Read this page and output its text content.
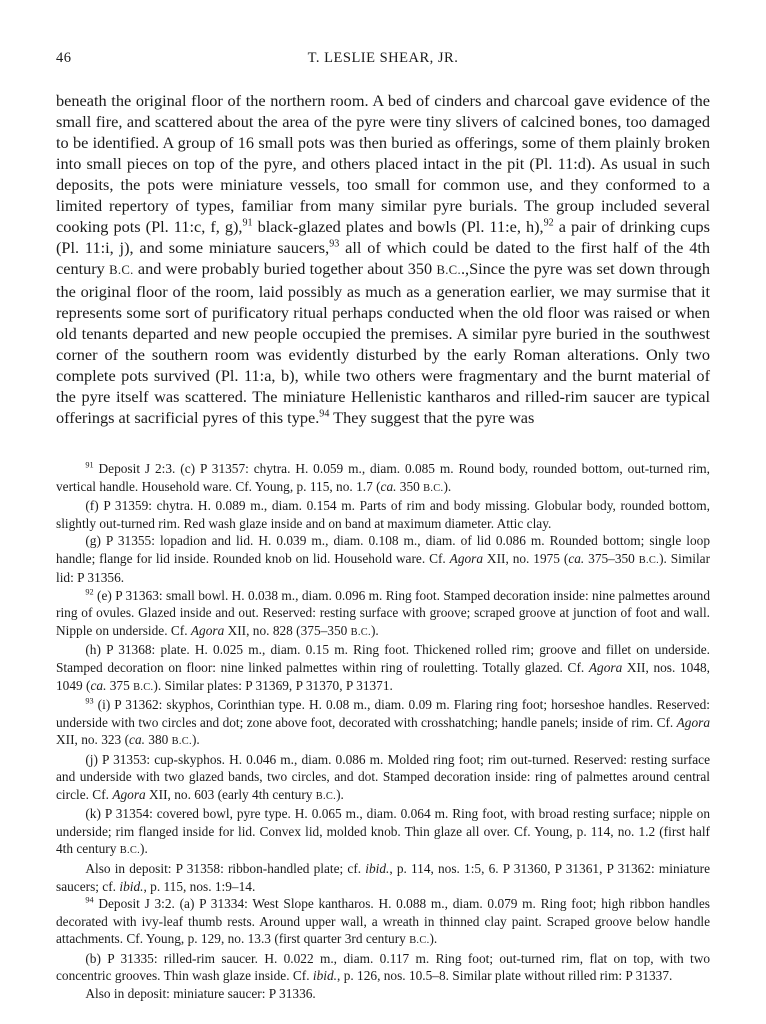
46	T. LESLIE SHEAR, JR.
beneath the original floor of the northern room. A bed of cinders and charcoal gave evidence of the small fire, and scattered about the area of the pyre were tiny slivers of calcined bones, too damaged to be identified. A group of 16 small pots was then buried as offerings, some of them plainly broken into small pieces on top of the pyre, and others placed intact in the pit (Pl. 11:d). As usual in such deposits, the pots were miniature vessels, too small for common use, and they conformed to a limited repertory of types, familiar from many similar pyre burials. The group included several cooking pots (Pl. 11:c, f, g),$^{91}$ black-glazed plates and bowls (Pl. 11:e, h),$^{92}$ a pair of drinking cups (Pl. 11:i, j), and some miniature saucers,$^{93}$ all of which could be dated to the first half of the 4th century B.C. and were probably buried together about 350 B.C..,Since the pyre was set down through the original floor of the room, laid possibly as much as a generation earlier, we may surmise that it represents some sort of purificatory ritual perhaps conducted when the old floor was raised or when old tenants departed and new people occupied the premises. A similar pyre buried in the southwest corner of the southern room was evidently disturbed by the early Roman alterations. Only two complete pots survived (Pl. 11:a, b), while two others were fragmentary and the burnt material of the pyre itself was scattered. The miniature Hellenistic kantharos and rilled-rim saucer are typical offerings at sacrificial pyres of this type.$^{94}$ They suggest that the pyre was

$^{91}$ Deposit J 2:3. (c) P 31357: chytra. H. 0.059 m., diam. 0.085 m. Round body, rounded bottom, out-turned rim, vertical handle. Household ware. Cf. Young, p. 115, no. 1.7 (ca. 350 B.C.).

(f) P 31359: chytra. H. 0.089 m., diam. 0.154 m. Parts of rim and body missing. Globular body, rounded bottom, slightly out-turned rim. Red wash glaze inside and on band at maximum diameter. Attic clay.

(g) P 31355: lopadion and lid. H. 0.039 m., diam. 0.108 m., diam. of lid 0.086 m. Rounded bottom; single loop handle; flange for lid inside. Rounded knob on lid. Household ware. Cf. Agora XII, no. 1975 (ca. 375–350 B.C.). Similar lid: P 31356.

$^{92}$ (e) P 31363: small bowl. H. 0.038 m., diam. 0.096 m. Ring foot. Stamped decoration inside: nine palmettes around ring of ovules. Glazed inside and out. Reserved: resting surface with groove; scraped groove at junction of foot and wall. Nipple on underside. Cf. Agora XII, no. 828 (375–350 B.C.).

(h) P 31368: plate. H. 0.025 m., diam. 0.15 m. Ring foot. Thickened rolled rim; groove and fillet on underside. Stamped decoration on floor: nine linked palmettes within ring of rouletting. Totally glazed. Cf. Agora XII, nos. 1048, 1049 (ca. 375 B.C.). Similar plates: P 31369, P 31370, P 31371.

$^{93}$ (i) P 31362: skyphos, Corinthian type. H. 0.08 m., diam. 0.09 m. Flaring ring foot; horseshoe handles. Reserved: underside with two circles and dot; zone above foot, decorated with crosshatching; handle panels; inside of rim. Cf. Agora XII, no. 323 (ca. 380 B.C.).

(j) P 31353: cup-skyphos. H. 0.046 m., diam. 0.086 m. Molded ring foot; rim out-turned. Reserved: resting surface and underside with two glazed bands, two circles, and dot. Stamped decoration inside: ring of palmettes around central circle. Cf. Agora XII, no. 603 (early 4th century B.C.).

(k) P 31354: covered bowl, pyre type. H. 0.065 m., diam. 0.064 m. Ring foot, with broad resting surface; nipple on underside; rim flanged inside for lid. Convex lid, molded knob. Thin glaze all over. Cf. Young, p. 114, no. 1.2 (first half 4th century B.C.).

Also in deposit: P 31358: ribbon-handled plate; cf. ibid., p. 114, nos. 1:5, 6. P 31360, P 31361, P 31362: miniature saucers; cf. ibid., p. 115, nos. 1:9–14.

$^{94}$ Deposit J 3:2. (a) P 31334: West Slope kantharos. H. 0.088 m., diam. 0.079 m. Ring foot; high ribbon handles decorated with ivy-leaf thumb rests. Around upper wall, a wreath in thinned clay paint. Scraped groove below handle attachments. Cf. Young, p. 129, no. 13.3 (first quarter 3rd century B.C.).

(b) P 31335: rilled-rim saucer. H. 0.022 m., diam. 0.117 m. Ring foot; out-turned rim, flat on top, with two concentric grooves. Thin wash glaze inside. Cf. ibid., p. 126, nos. 10.5–8. Similar plate without rilled rim: P 31337.

Also in deposit: miniature saucer: P 31336.
